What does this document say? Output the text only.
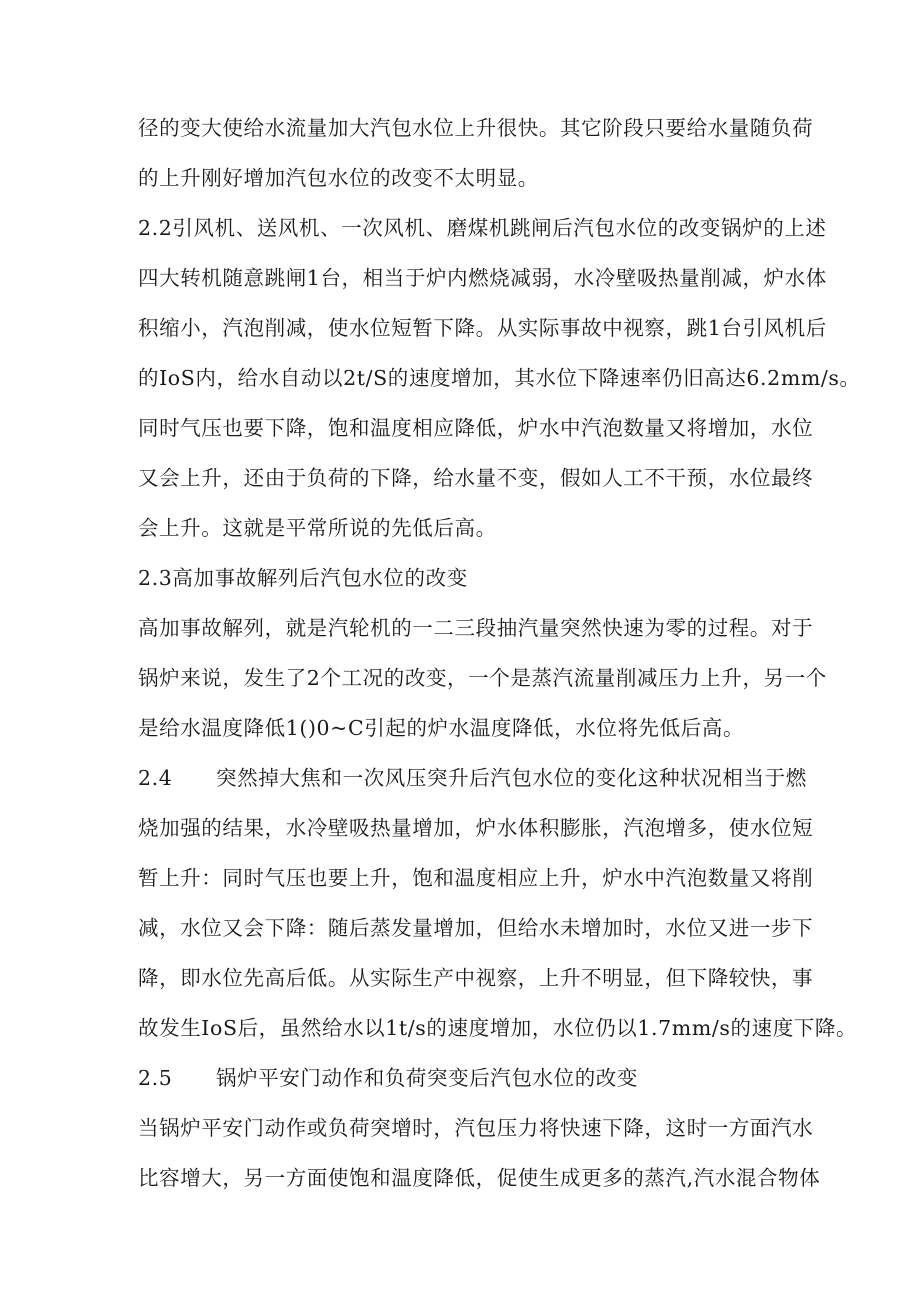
径的变大使给水流量加大汽包水位上升很快。其它阶段只要给水量随负荷
的上升刚好增加汽包水位的改变不太明显。
2.2引风机、送风机、一次风机、磨煤机跳闸后汽包水位的改变锅炉的上述
四大转机随意跳闸1台，相当于炉内燃烧减弱，水冷壁吸热量削减，炉水体
积缩小，汽泡削减，使水位短暂下降。从实际事故中视察，跳1台引风机后
的IoS内，给水自动以2t/S的速度增加，其水位下降速率仍旧高达6.2mm/s。
同时气压也要下降，饱和温度相应降低，炉水中汽泡数量又将增加，水位
又会上升，还由于负荷的下降，给水量不变，假如人工不干预，水位最终
会上升。这就是平常所说的先低后高。
2.3高加事故解列后汽包水位的改变
高加事故解列，就是汽轮机的一二三段抽汽量突然快速为零的过程。对于
锅炉来说，发生了2个工况的改变，一个是蒸汽流量削减压力上升，另一个
是给水温度降低1()0~C引起的炉水温度降低，水位将先低后高。
2.4 突然掉大焦和一次风压突升后汽包水位的变化这种状况相当于燃
烧加强的结果，水冷壁吸热量增加，炉水体积膨胀，汽泡增多，使水位短
暂上升：同时气压也要上升，饱和温度相应上升，炉水中汽泡数量又将削
减，水位又会下降：随后蒸发量增加，但给水未增加时，水位又进一步下
降，即水位先高后低。从实际生产中视察，上升不明显，但下降较快，事
故发生IoS后，虽然给水以1t/s的速度增加，水位仍以1.7mm/s的速度下降。
2.5 锅炉平安门动作和负荷突变后汽包水位的改变
当锅炉平安门动作或负荷突增时，汽包压力将快速下降，这时一方面汽水
比容增大，另一方面使饱和温度降低，促使生成更多的蒸汽,汽水混合物体
